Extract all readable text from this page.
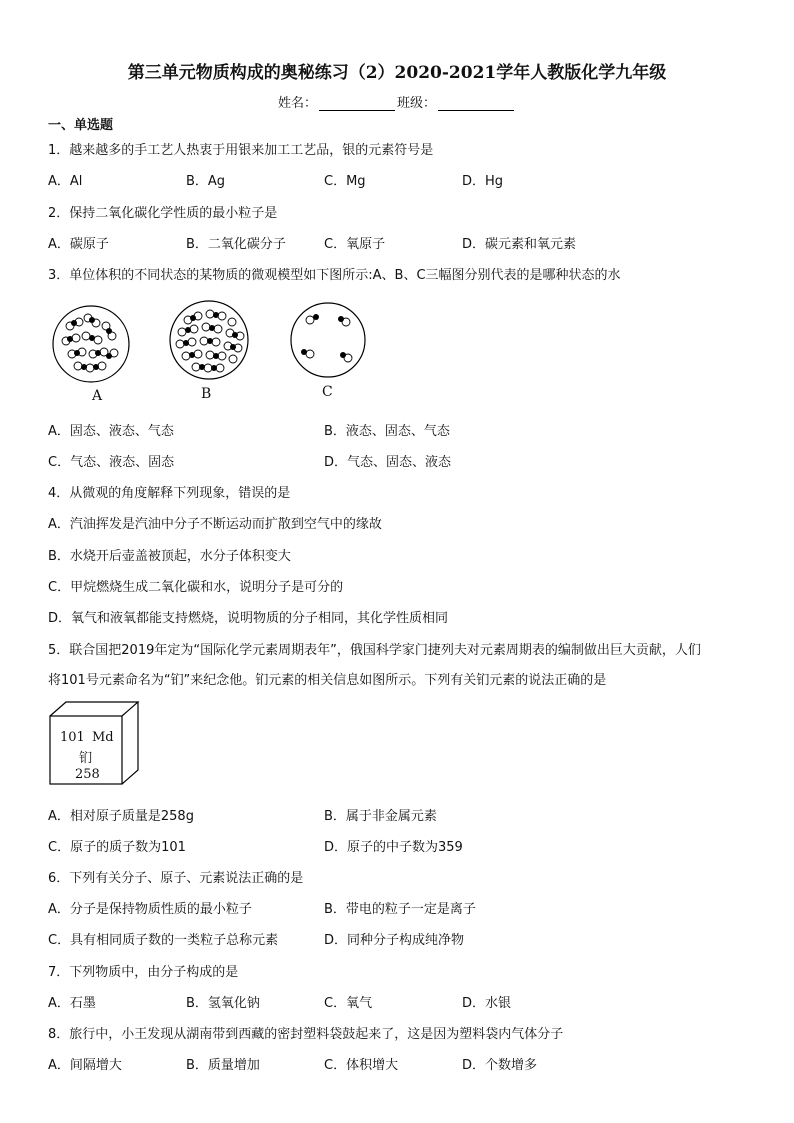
第三单元物质构成的奥秘练习（2）2020-2021学年人教版化学九年级
姓名：	班级：
一、单选题
1．越来越多的手工艺人热衷于用银来加工工艺品，银的元素符号是
A．Al	B．Ag	C．Mg	D．Hg
2．保持二氧化碳化学性质的最小粒子是
A．碳原子	B．二氧化碳分子	C．氧原子	D．碳元素和氧元素
3．单位体积的不同状态的某物质的微观模型如下图所示:A、B、C三幅图分别代表的是哪种状态的水
A	B	C
A．固态、液态、气态	B．液态、固态、气态
C．气态、液态、固态	D．气态、固态、液态
4．从微观的角度解释下列现象，错误的是
A．汽油挥发是汽油中分子不断运动而扩散到空气中的缘故
B．水烧开后壶盖被顶起，水分子体积变大
C．甲烷燃烧生成二氧化碳和水，说明分子是可分的
D．氧气和液氧都能支持燃烧，说明物质的分子相同，其化学性质相同
5．联合国把2019年定为“国际化学元素周期表年”，俄国科学家门捷列夫对元素周期表的编制做出巨大贡献，人们
将101号元素命名为“钔”来纪念他。钔元素的相关信息如图所示。下列有关钔元素的说法正确的是
101 Md
钔
258
A．相对原子质量是258g	B．属于非金属元素
C．原子的质子数为101	D．原子的中子数为359
6．下列有关分子、原子、元素说法正确的是
A．分子是保持物质性质的最小粒子	B．带电的粒子一定是离子
C．具有相同质子数的一类粒子总称元素	D．同种分子构成纯净物
7．下列物质中，由分子构成的是
A．石墨	B．氢氧化钠	C．氧气	D．水银
8．旅行中，小王发现从湖南带到西藏的密封塑料袋鼓起来了，这是因为塑料袋内气体分子
A．间隔增大	B．质量增加	C．体积增大	D．个数增多
